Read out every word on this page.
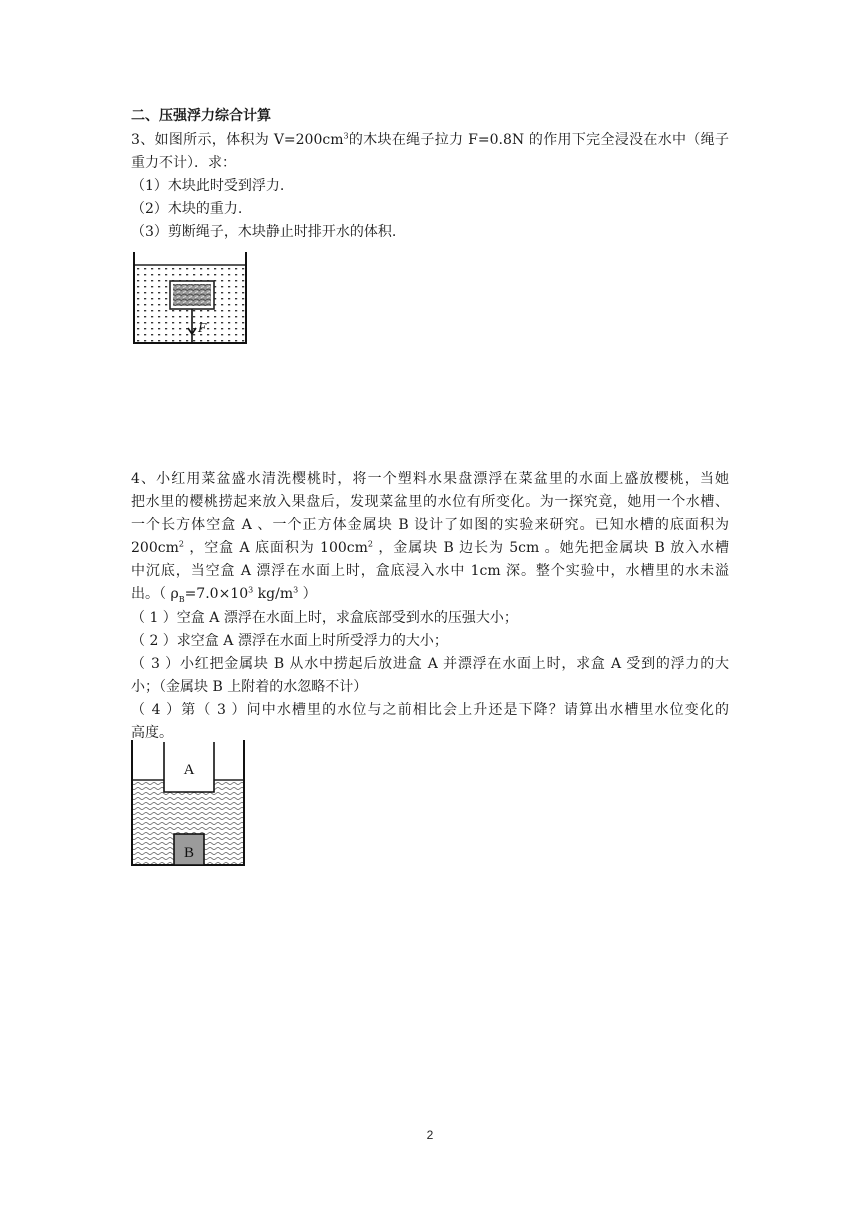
二、压强浮力综合计算
3、如图所示，体积为 $V=200cm^3$的木块在绳子拉力 F=0.8N 的作用下完全浸没在水中（绳子
重力不计）．求：
（1）木块此时受到浮力.
（2）木块的重力.
（3）剪断绳子，木块静止时排开水的体积.
F
4、小红用菜盆盛水清洗樱桃时，将一个塑料水果盘漂浮在菜盆里的水面上盛放樱桃，当她
把水里的樱桃捞起来放入果盘后，发现菜盆里的水位有所变化。为一探究竟，她用一个水槽、
一个长方体空盒 A 、一个正方体金属块 B 设计了如图的实验来研究。已知水槽的底面积为
$200cm^2$ ，空盒 A 底面积为 $100cm^2$ ，金属块 B 边长为 5cm 。她先把金属块 B 放入水槽
中沉底，当空盒 A 漂浮在水面上时，盒底浸入水中 1cm 深。整个实验中，水槽里的水未溢
出。（ $\rho_B=7.0\times 10^3$ $kg/m^3$ ）
（ 1 ）空盒 A 漂浮在水面上时，求盒底部受到水的压强大小；
（ 2 ）求空盒 A 漂浮在水面上时所受浮力的大小；
（ 3 ）小红把金属块 B 从水中捞起后放进盒 A 并漂浮在水面上时，求盒 A 受到的浮力的大
小；（金属块 B 上附着的水忽略不计）
（ 4 ）第（ 3 ）问中水槽里的水位与之前相比会上升还是下降？请算出水槽里水位变化的
高度。
A
B
2
